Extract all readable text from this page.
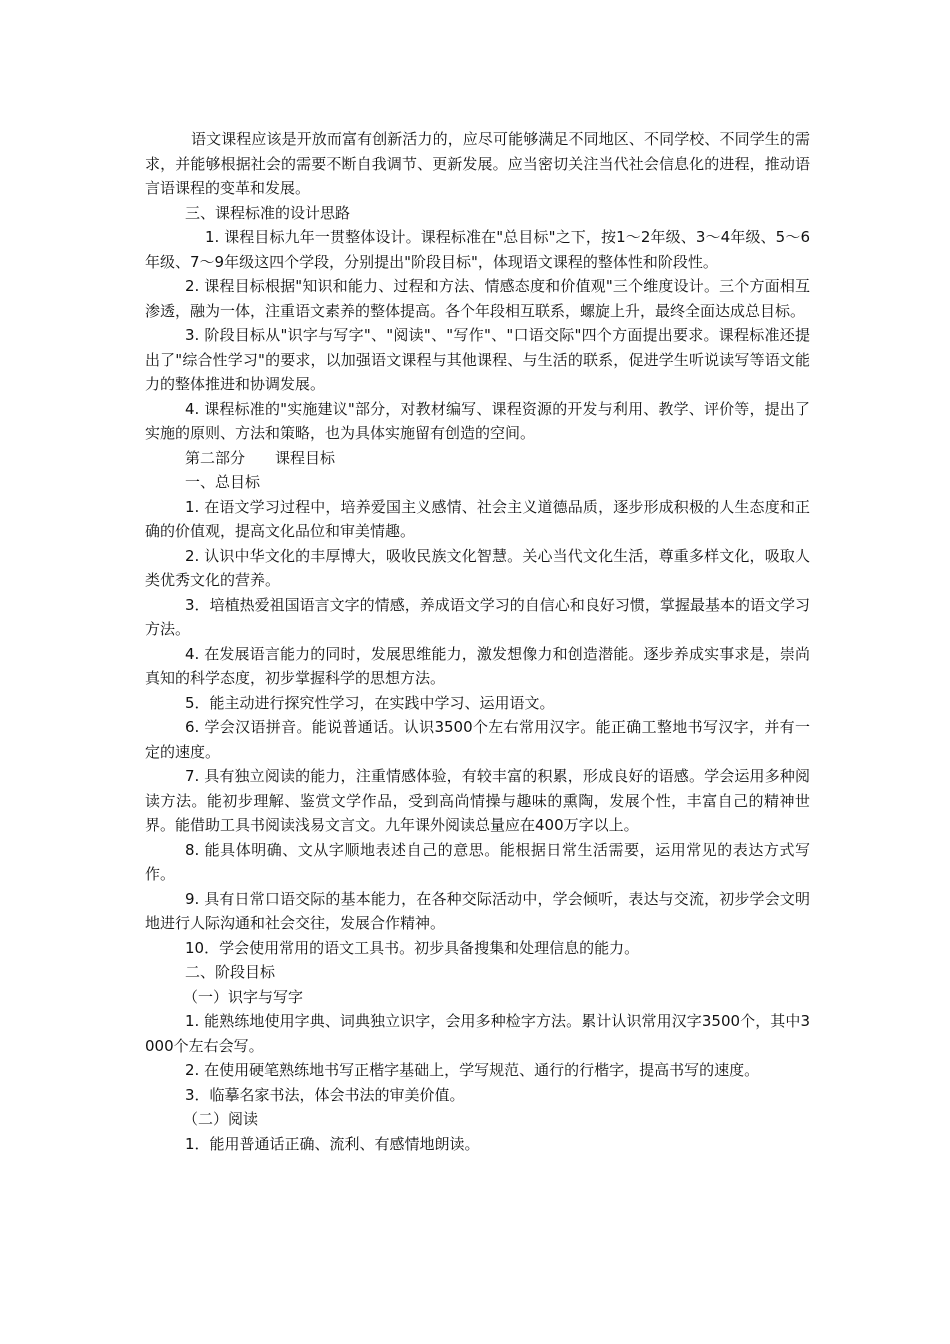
语文课程应该是开放而富有创新活力的，应尽可能够满足不同地区、不同学校、不同学生的需求，并能够根据社会的需要不断自我调节、更新发展。应当密切关注当代社会信息化的进程，推动语言语课程的变革和发展。

三、课程标准的设计思路

1. 课程目标九年一贯整体设计。课程标准在"总目标"之下，按1～2年级、3～4年级、5～6年级、7～9年级这四个学段，分别提出"阶段目标"，体现语文课程的整体性和阶段性。

2. 课程目标根据"知识和能力、过程和方法、情感态度和价值观"三个维度设计。三个方面相互渗透，融为一体，注重语文素养的整体提高。各个年段相互联系，螺旋上升，最终全面达成总目标。

3. 阶段目标从"识字与写字"、"阅读"、"写作"、"口语交际"四个方面提出要求。课程标准还提出了"综合性学习"的要求，以加强语文课程与其他课程、与生活的联系，促进学生听说读写等语文能力的整体推进和协调发展。

4. 课程标准的"实施建议"部分，对教材编写、课程资源的开发与利用、教学、评价等，提出了实施的原则、方法和策略，也为具体实施留有创造的空间。

第二部分　　课程目标

一、总目标

1. 在语文学习过程中，培养爱国主义感情、社会主义道德品质，逐步形成积极的人生态度和正确的价值观，提高文化品位和审美情趣。

2. 认识中华文化的丰厚博大，吸收民族文化智慧。关心当代文化生活，尊重多样文化，吸取人类优秀文化的营养。

3．培植热爱祖国语言文字的情感，养成语文学习的自信心和良好习惯，掌握最基本的语文学习方法。

4. 在发展语言能力的同时，发展思维能力，激发想像力和创造潜能。逐步养成实事求是，崇尚真知的科学态度，初步掌握科学的思想方法。

5．能主动进行探究性学习，在实践中学习、运用语文。

6. 学会汉语拼音。能说普通话。认识3500个左右常用汉字。能正确工整地书写汉字，并有一定的速度。

7. 具有独立阅读的能力，注重情感体验，有较丰富的积累，形成良好的语感。学会运用多种阅读方法。能初步理解、鉴赏文学作品，受到高尚情操与趣味的熏陶，发展个性，丰富自己的精神世界。能借助工具书阅读浅易文言文。九年课外阅读总量应在400万字以上。

8. 能具体明确、文从字顺地表述自己的意思。能根据日常生活需要，运用常见的表达方式写作。

9. 具有日常口语交际的基本能力，在各种交际活动中，学会倾听，表达与交流，初步学会文明地进行人际沟通和社会交往，发展合作精神。

10．学会使用常用的语文工具书。初步具备搜集和处理信息的能力。

二、阶段目标

（一）识字与写字

1. 能熟练地使用字典、词典独立识字，会用多种检字方法。累计认识常用汉字3500个，其中3000个左右会写。

2. 在使用硬笔熟练地书写正楷字基础上，学写规范、通行的行楷字，提高书写的速度。

3．临摹名家书法，体会书法的审美价值。

（二）阅读

1．能用普通话正确、流利、有感情地朗读。
